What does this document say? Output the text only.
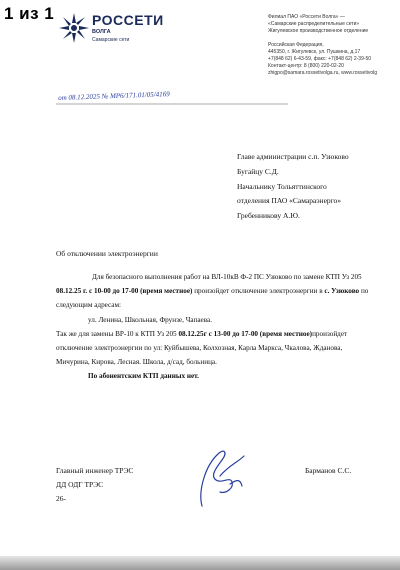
1 из 1	РОССЕТИ
ВОЛГА
Самарские сети
Филиал ПАО «Россети Волга» —
«Самарские распределительные сети»
Жигулевское производственное отделение
Российская Федерация,
445350, г. Жигулевск, ул. Пушкина, д.17
+7(848 62) 6-43-59, факс: +7(848 62) 2-39-50
Контакт-центр: 8 (800) 220-02-20
zhigpo@samara.rossetivolga.ru, www.rossetivolg
от 08.12.2025 № МР6/171.01/05/4169
Главе администрации с.п. Узюково
Бугайцу С.Д.
Начальнику Тольяттинского
отделения ПАО «Самараэнерго»
Гребенникову А.Ю.
Об отключении электроэнергии

Для безопасного выполнения работ на ВЛ-10кВ Ф-2 ПС Узюково по замене КТП Уз 205 08.12.25 г. с 10-00 до 17-00 (время местное) произойдет отключение электроэнергии в с. Узюково по следующим адресам:

ул. Ленина, Школьная, Фрунзе, Чапаева.

Так же для замены ВР-10 к КТП Уз 205 08.12.25г с 13-00 до 17-00 (время местное)произойдет отключение электроэнергии по ул: Куйбышева, Колхозная, Карла Маркса, Чкалова, Жданова, Мичурина, Кирова, Лесная. Школа, д/сад, больница.

По абонентским КТП данных нет.

Главный инженер ТРЭС	Барманов С.С.
ДД ОДГ ТРЭС
26-
